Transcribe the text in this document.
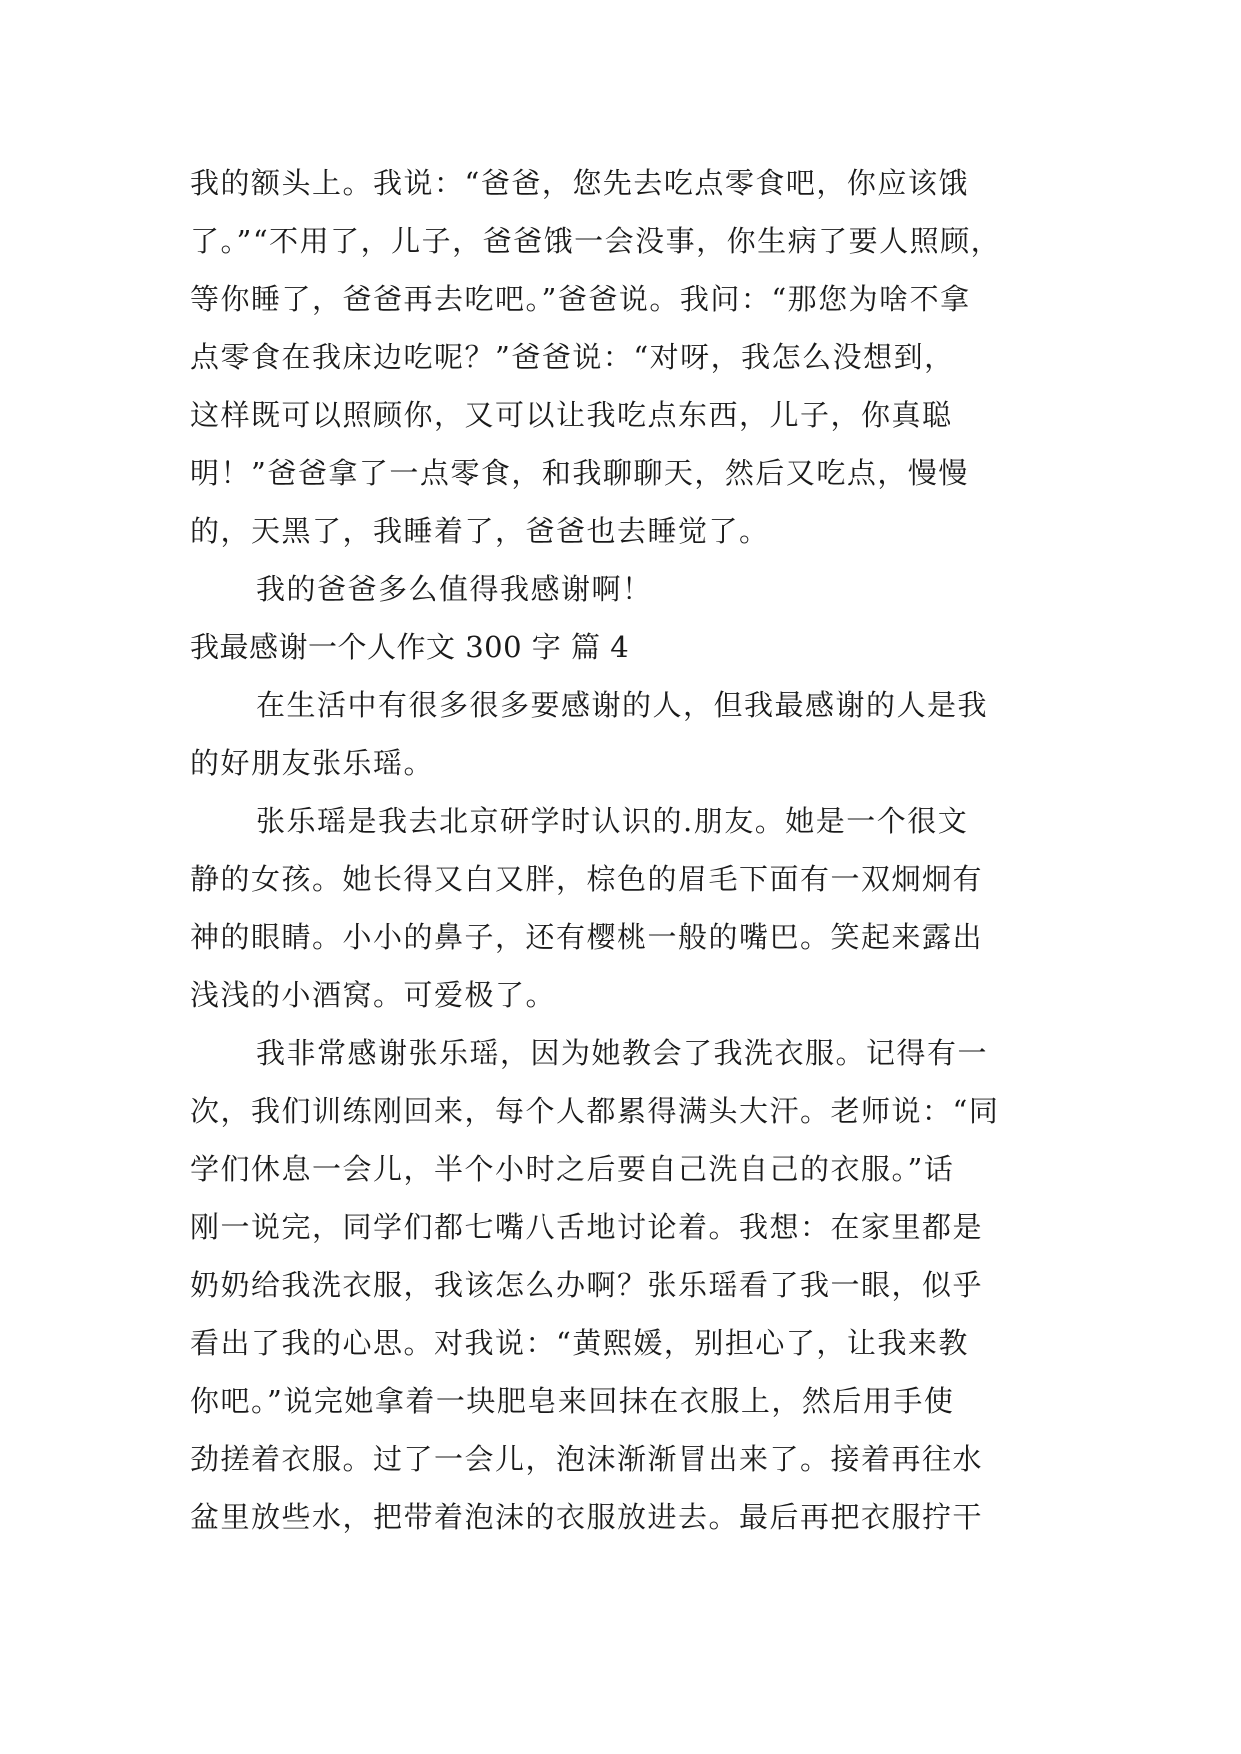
我的额头上。我说：“爸爸，您先去吃点零食吧，你应该饿
了。”“不用了，儿子，爸爸饿一会没事，你生病了要人照顾，
等你睡了，爸爸再去吃吧。”爸爸说。我问：“那您为啥不拿
点零食在我床边吃呢？”爸爸说：“对呀，我怎么没想到，
这样既可以照顾你，又可以让我吃点东西，儿子，你真聪
明！”爸爸拿了一点零食，和我聊聊天，然后又吃点，慢慢
的，天黑了，我睡着了，爸爸也去睡觉了。
我的爸爸多么值得我感谢啊！
我最感谢一个人作文 300 字 篇 4
在生活中有很多很多要感谢的人，但我最感谢的人是我
的好朋友张乐瑶。
张乐瑶是我去北京研学时认识的.朋友。她是一个很文
静的女孩。她长得又白又胖，棕色的眉毛下面有一双炯炯有
神的眼睛。小小的鼻子，还有樱桃一般的嘴巴。笑起来露出
浅浅的小酒窝。可爱极了。
我非常感谢张乐瑶，因为她教会了我洗衣服。记得有一
次，我们训练刚回来，每个人都累得满头大汗。老师说：“同
学们休息一会儿，半个小时之后要自己洗自己的衣服。”话
刚一说完，同学们都七嘴八舌地讨论着。我想：在家里都是
奶奶给我洗衣服，我该怎么办啊？张乐瑶看了我一眼，似乎
看出了我的心思。对我说：“黄熙媛，别担心了，让我来教
你吧。”说完她拿着一块肥皂来回抹在衣服上，然后用手使
劲搓着衣服。过了一会儿，泡沫渐渐冒出来了。接着再往水
盆里放些水，把带着泡沫的衣服放进去。最后再把衣服拧干
